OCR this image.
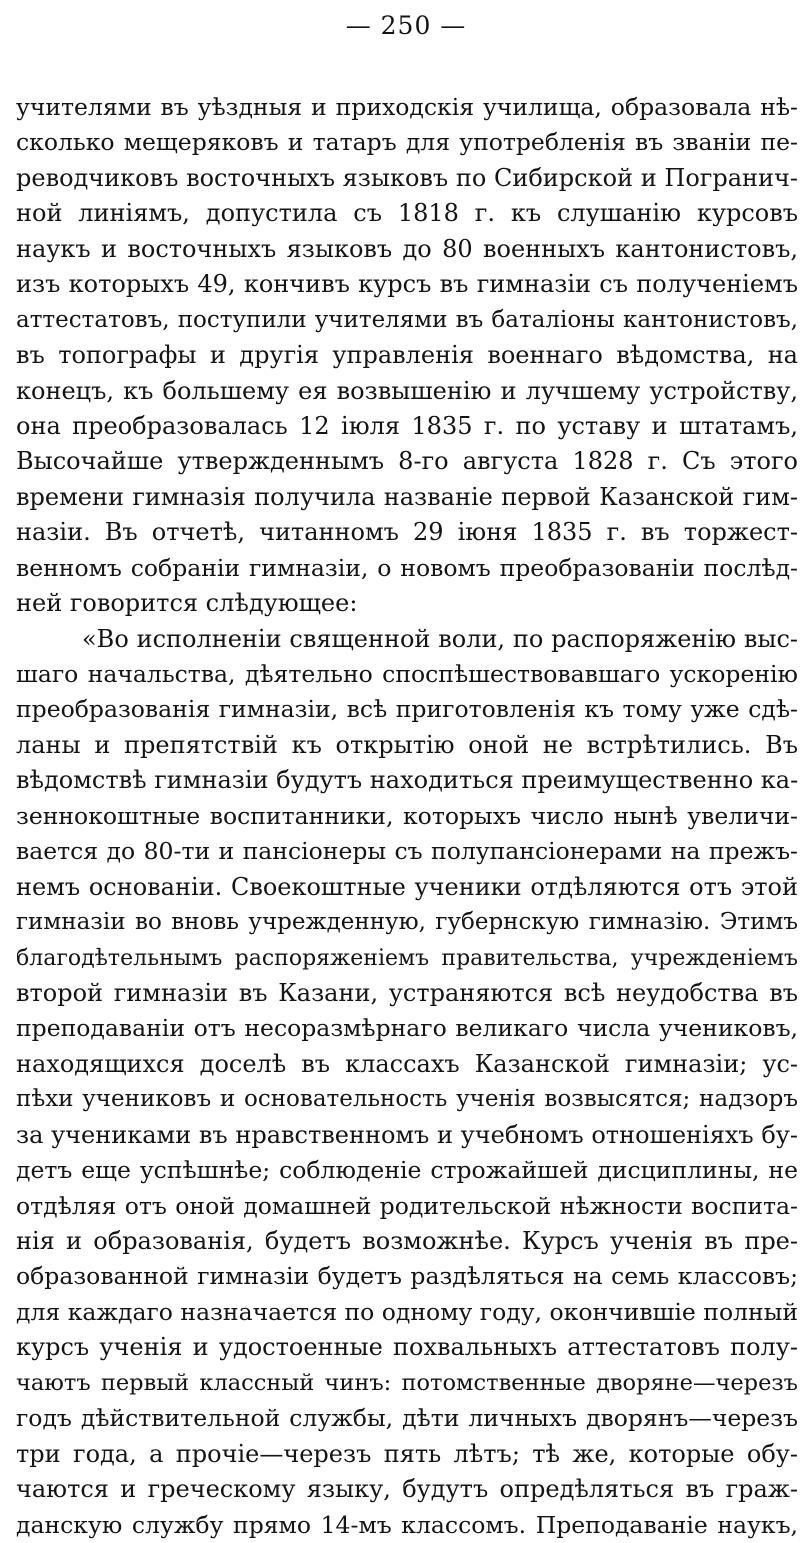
— 250 —
учителями въ уѣздныя и приходскія училища, образовала нѣ-
сколько мещеряковъ и татаръ для употребленія въ званіи пе-
реводчиковъ восточныхъ языковъ по Сибирской и Погранич-
ной линіямъ, допустила съ 1818 г. къ слушанію курсовъ
наукъ и восточныхъ языковъ до 80 военныхъ кантонистовъ,
изъ которыхъ 49, кончивъ курсъ въ гимназіи съ полученіемъ
аттестатовъ, поступили учителями въ баталіоны кантонистовъ,
въ топографы и другія управленія военнаго вѣдомства, на
конецъ, къ большему ея возвышенію и лучшему устройству,
она преобразовалась 12 іюля 1835 г. по уставу и штатамъ,
Высочайше утвержденнымъ 8-го августа 1828 г. Съ этого
времени гимназія получила названіе первой Казанской гим-
назіи. Въ отчетѣ, читанномъ 29 іюня 1835 г. въ торжест-
венномъ собраніи гимназіи, о новомъ преобразованіи послѣд-
ней говорится слѣдующее:
«Во исполненіи священной воли, по распоряженію выс-
шаго начальства, дѣятельно споспѣшествовавшаго ускоренію
преобразованія гимназіи, всѣ приготовленія къ тому уже сдѣ-
ланы и препятствій къ открытію оной не встрѣтились. Въ
вѣдомствѣ гимназіи будутъ находиться преимущественно ка-
зеннокоштные воспитанники, которыхъ число нынѣ увеличи-
вается до 80-ти и пансіонеры съ полупансіонерами на прежъ-
немъ основаніи. Своекоштные ученики отдѣляются отъ этой
гимназіи во вновь учрежденную, губернскую гимназію. Этимъ
благодѣтельнымъ распоряженіемъ правительства, учрежденіемъ
второй гимназіи въ Казани, устраняются всѣ неудобства въ
преподаваніи отъ несоразмѣрнаго великаго числа учениковъ,
находящихся доселѣ въ классахъ Казанской гимназіи; ус-
пѣхи учениковъ и основательность ученія возвысятся; надзоръ
за учениками въ нравственномъ и учебномъ отношеніяхъ бу-
детъ еще успѣшнѣе; соблюденіе строжайшей дисциплины, не
отдѣляя отъ оной домашней родительской нѣжности воспита-
нія и образованія, будетъ возможнѣе. Курсъ ученія въ пре-
образованной гимназіи будетъ раздѣляться на семь классовъ;
для каждаго назначается по одному году, окончившіе полный
курсъ ученія и удостоенные похвальныхъ аттестатовъ полу-
чаютъ первый классный чинъ: потомственные дворяне—черезъ
годъ дѣйствительной службы, дѣти личныхъ дворянъ—черезъ
три года, а прочіе—черезъ пять лѣтъ; тѣ же, которые обу-
чаются и греческому языку, будутъ опредѣляться въ граж-
данскую службу прямо 14-мъ классомъ. Преподаваніе наукъ,
